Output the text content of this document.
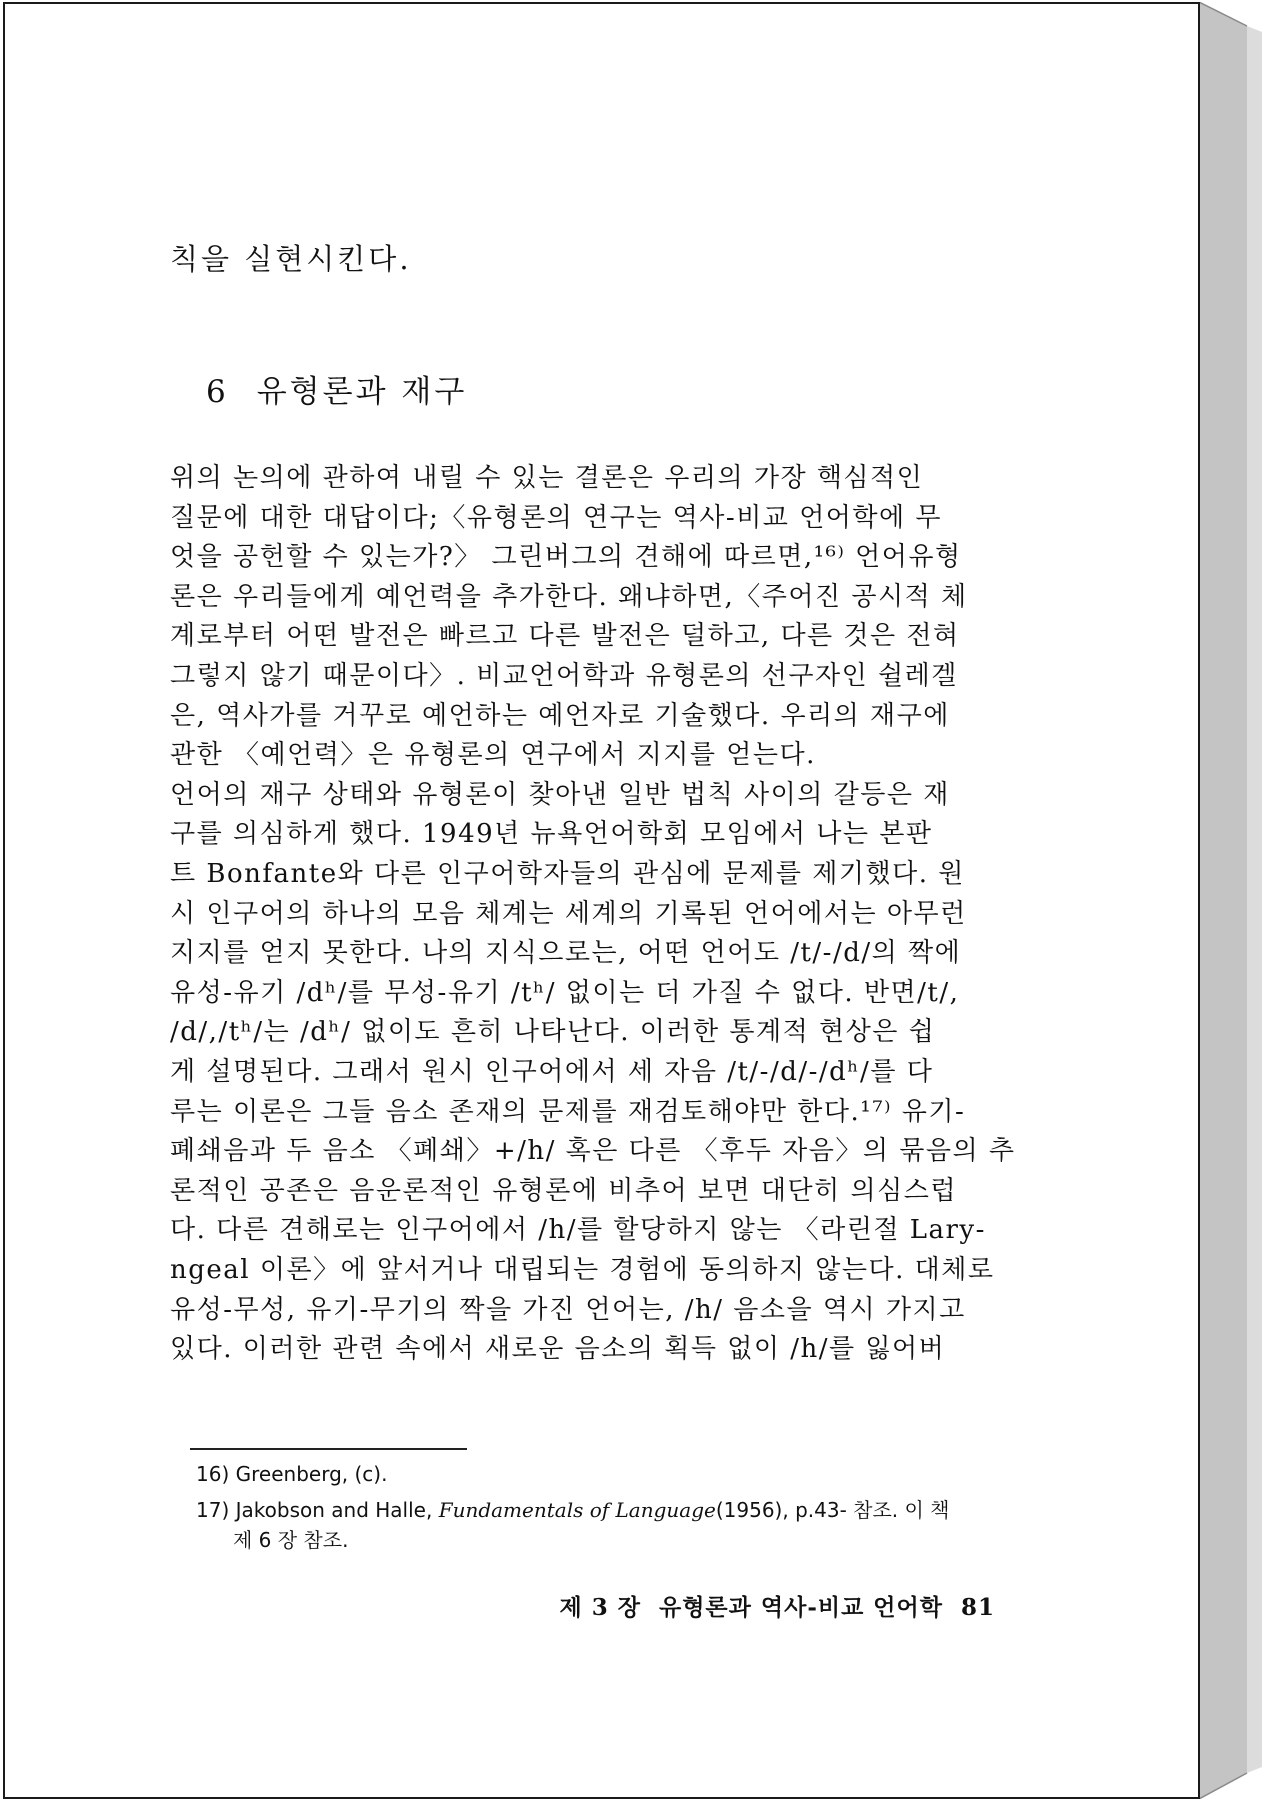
칙을 실현시킨다.
6 유형론과 재구
위의 논의에 관하여 내릴 수 있는 결론은 우리의 가장 핵심적인
질문에 대한 대답이다;〈유형론의 연구는 역사-비교 언어학에 무
엇을 공헌할 수 있는가?〉 그린버그의 견해에 따르면,¹⁶⁾ 언어유형
론은 우리들에게 예언력을 추가한다. 왜냐하면,〈주어진 공시적 체
계로부터 어떤 발전은 빠르고 다른 발전은 덜하고, 다른 것은 전혀
그렇지 않기 때문이다〉. 비교언어학과 유형론의 선구자인 쉴레겔
은, 역사가를 거꾸로 예언하는 예언자로 기술했다. 우리의 재구에
관한 〈예언력〉은 유형론의 연구에서 지지를 얻는다.
언어의 재구 상태와 유형론이 찾아낸 일반 법칙 사이의 갈등은 재
구를 의심하게 했다. 1949년 뉴욕언어학회 모임에서 나는 본판
트 Bonfante와 다른 인구어학자들의 관심에 문제를 제기했다. 원
시 인구어의 하나의 모음 체계는 세계의 기록된 언어에서는 아무런
지지를 얻지 못한다. 나의 지식으로는, 어떤 언어도 /t/-/d/의 짝에
유성-유기 /dʰ/를 무성-유기 /tʰ/ 없이는 더 가질 수 없다. 반면/t/,
/d/,/tʰ/는 /dʰ/ 없이도 흔히 나타난다. 이러한 통계적 현상은 쉽
게 설명된다. 그래서 원시 인구어에서 세 자음 /t/-/d/-/dʰ/를 다
루는 이론은 그들 음소 존재의 문제를 재검토해야만 한다.¹⁷⁾ 유기-
폐쇄음과 두 음소 〈폐쇄〉+/h/ 혹은 다른 〈후두 자음〉의 묶음의 추
론적인 공존은 음운론적인 유형론에 비추어 보면 대단히 의심스럽
다. 다른 견해로는 인구어에서 /h/를 할당하지 않는 〈라린절 Lary-
ngeal 이론〉에 앞서거나 대립되는 경험에 동의하지 않는다. 대체로
유성-무성, 유기-무기의 짝을 가진 언어는, /h/ 음소을 역시 가지고
있다. 이러한 관련 속에서 새로운 음소의 획득 없이 /h/를 잃어버
16) Greenberg, (c).
17) Jakobson and Halle, Fundamentals of Language(1956), p.43- 참조. 이 책
제 6 장 참조.
제 3 장 유형론과 역사-비교 언어학 81
